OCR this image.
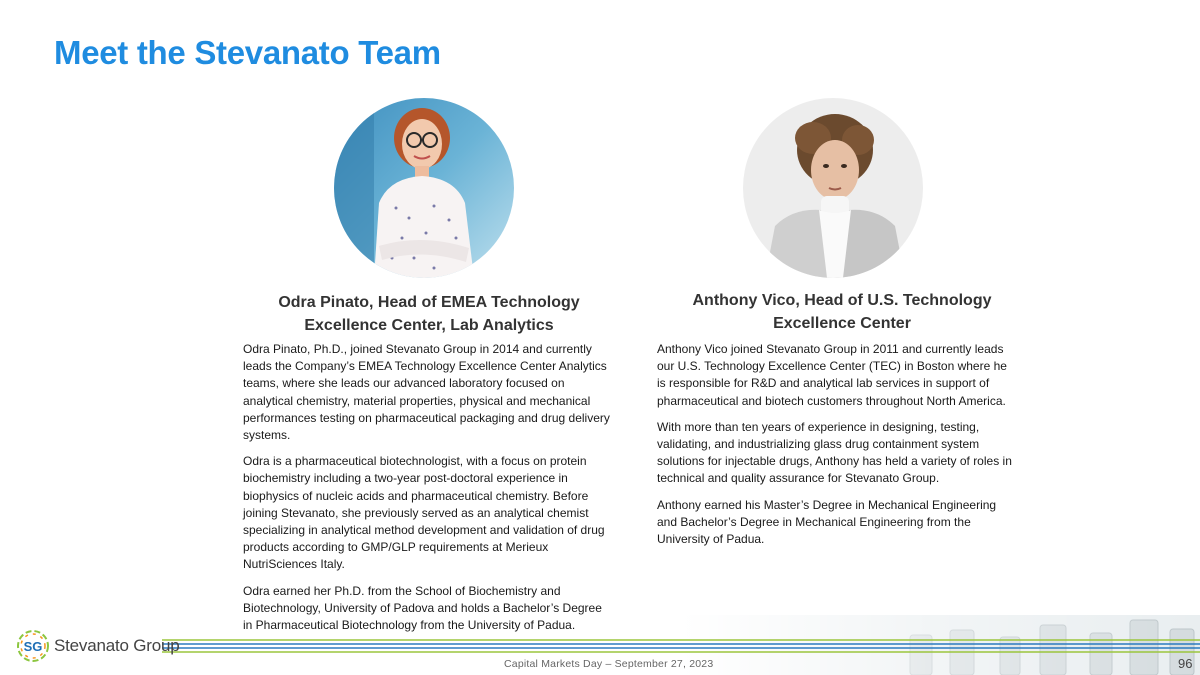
Meet the Stevanato Team
Odra Pinato, Head of EMEA Technology Excellence Center, Lab Analytics
Anthony Vico, Head of U.S. Technology Excellence Center

Odra Pinato, Ph.D., joined Stevanato Group in 2014 and currently leads the Company’s EMEA Technology Excellence Center Analytics teams, where she leads our advanced laboratory focused on analytical chemistry, material properties, physical and mechanical performances testing on pharmaceutical packaging and drug delivery systems.

Odra is a pharmaceutical biotechnologist, with a focus on protein biochemistry including a two-year post-doctoral experience in biophysics of nucleic acids and pharmaceutical chemistry. Before joining Stevanato, she previously served as an analytical chemist specializing in analytical method development and validation of drug products according to GMP/GLP requirements at Merieux NutriSciences Italy.

Odra earned her Ph.D. from the School of Biochemistry and Biotechnology, University of Padova and holds a Bachelor’s Degree in Pharmaceutical Biotechnology from the University of Padua.

Anthony Vico joined Stevanato Group in 2011 and currently leads our U.S. Technology Excellence Center (TEC) in Boston where he is responsible for R&D and analytical lab services in support of pharmaceutical and biotech customers throughout North America.

With more than ten years of experience in designing, testing, validating, and industrializing glass drug containment system solutions for injectable drugs, Anthony has held a variety of roles in technical and quality assurance for Stevanato Group.

Anthony earned his Master’s Degree in Mechanical Engineering and Bachelor’s Degree in Mechanical Engineering from the University of Padua.

SG Stevanato Group
Capital Markets Day – September 27, 2023	96
